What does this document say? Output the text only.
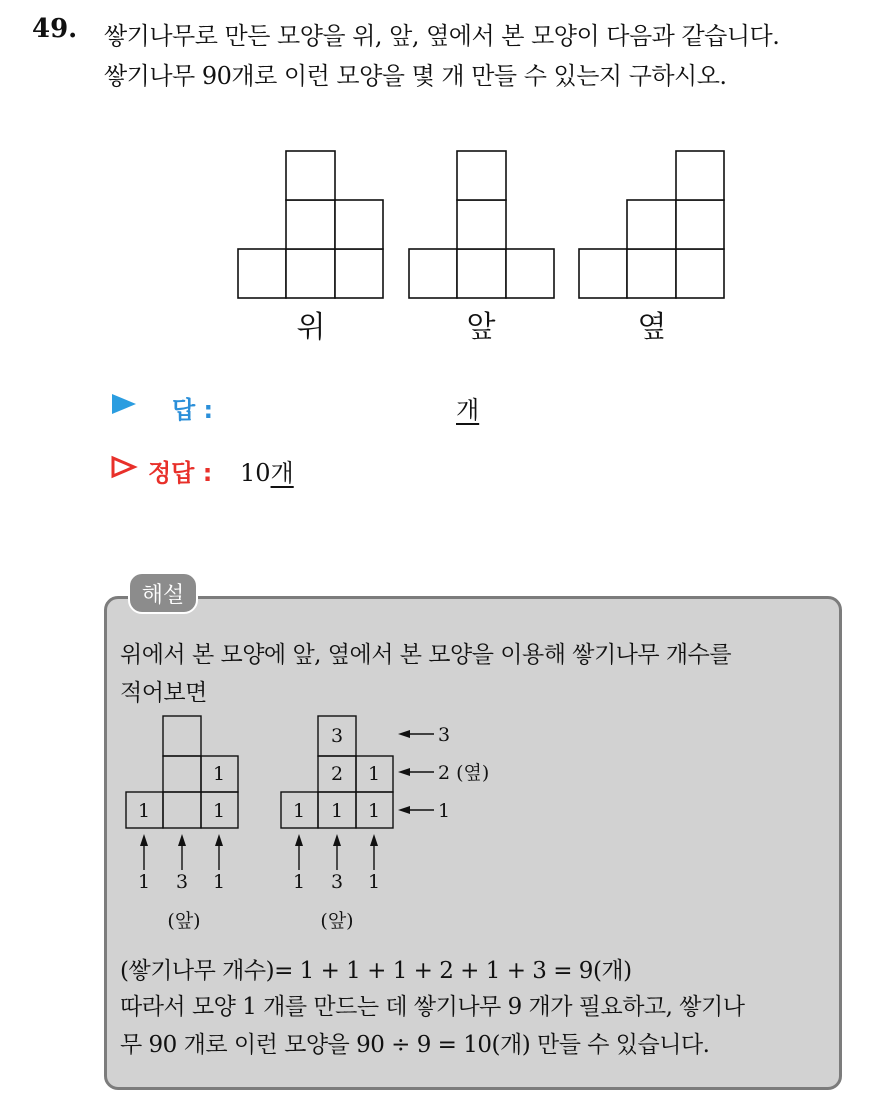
49. 쌓기나무로 만든 모양을 위, 앞, 옆에서 본 모양이 다음과 같습니다.
쌓기나무 90개로 이런 모양을 몇 개 만들 수 있는지 구하시오.
위	앞	옆
답 :	개
정답 : 10개
해설
위에서 본 모양에 앞, 옆에서 본 모양을 이용해 쌓기나무 개수를
적어보면
1
1	1
3
2 1
1 1 1
1 3 1	1 3 1
(앞)	(앞)
3
2 (옆)
1
(쌓기나무 개수)= 1 + 1 + 1 + 2 + 1 + 3 = 9(개)
따라서 모양 1 개를 만드는 데 쌓기나무 9 개가 필요하고, 쌓기나
무 90 개로 이런 모양을 90 ÷ 9 = 10(개) 만들 수 있습니다.
